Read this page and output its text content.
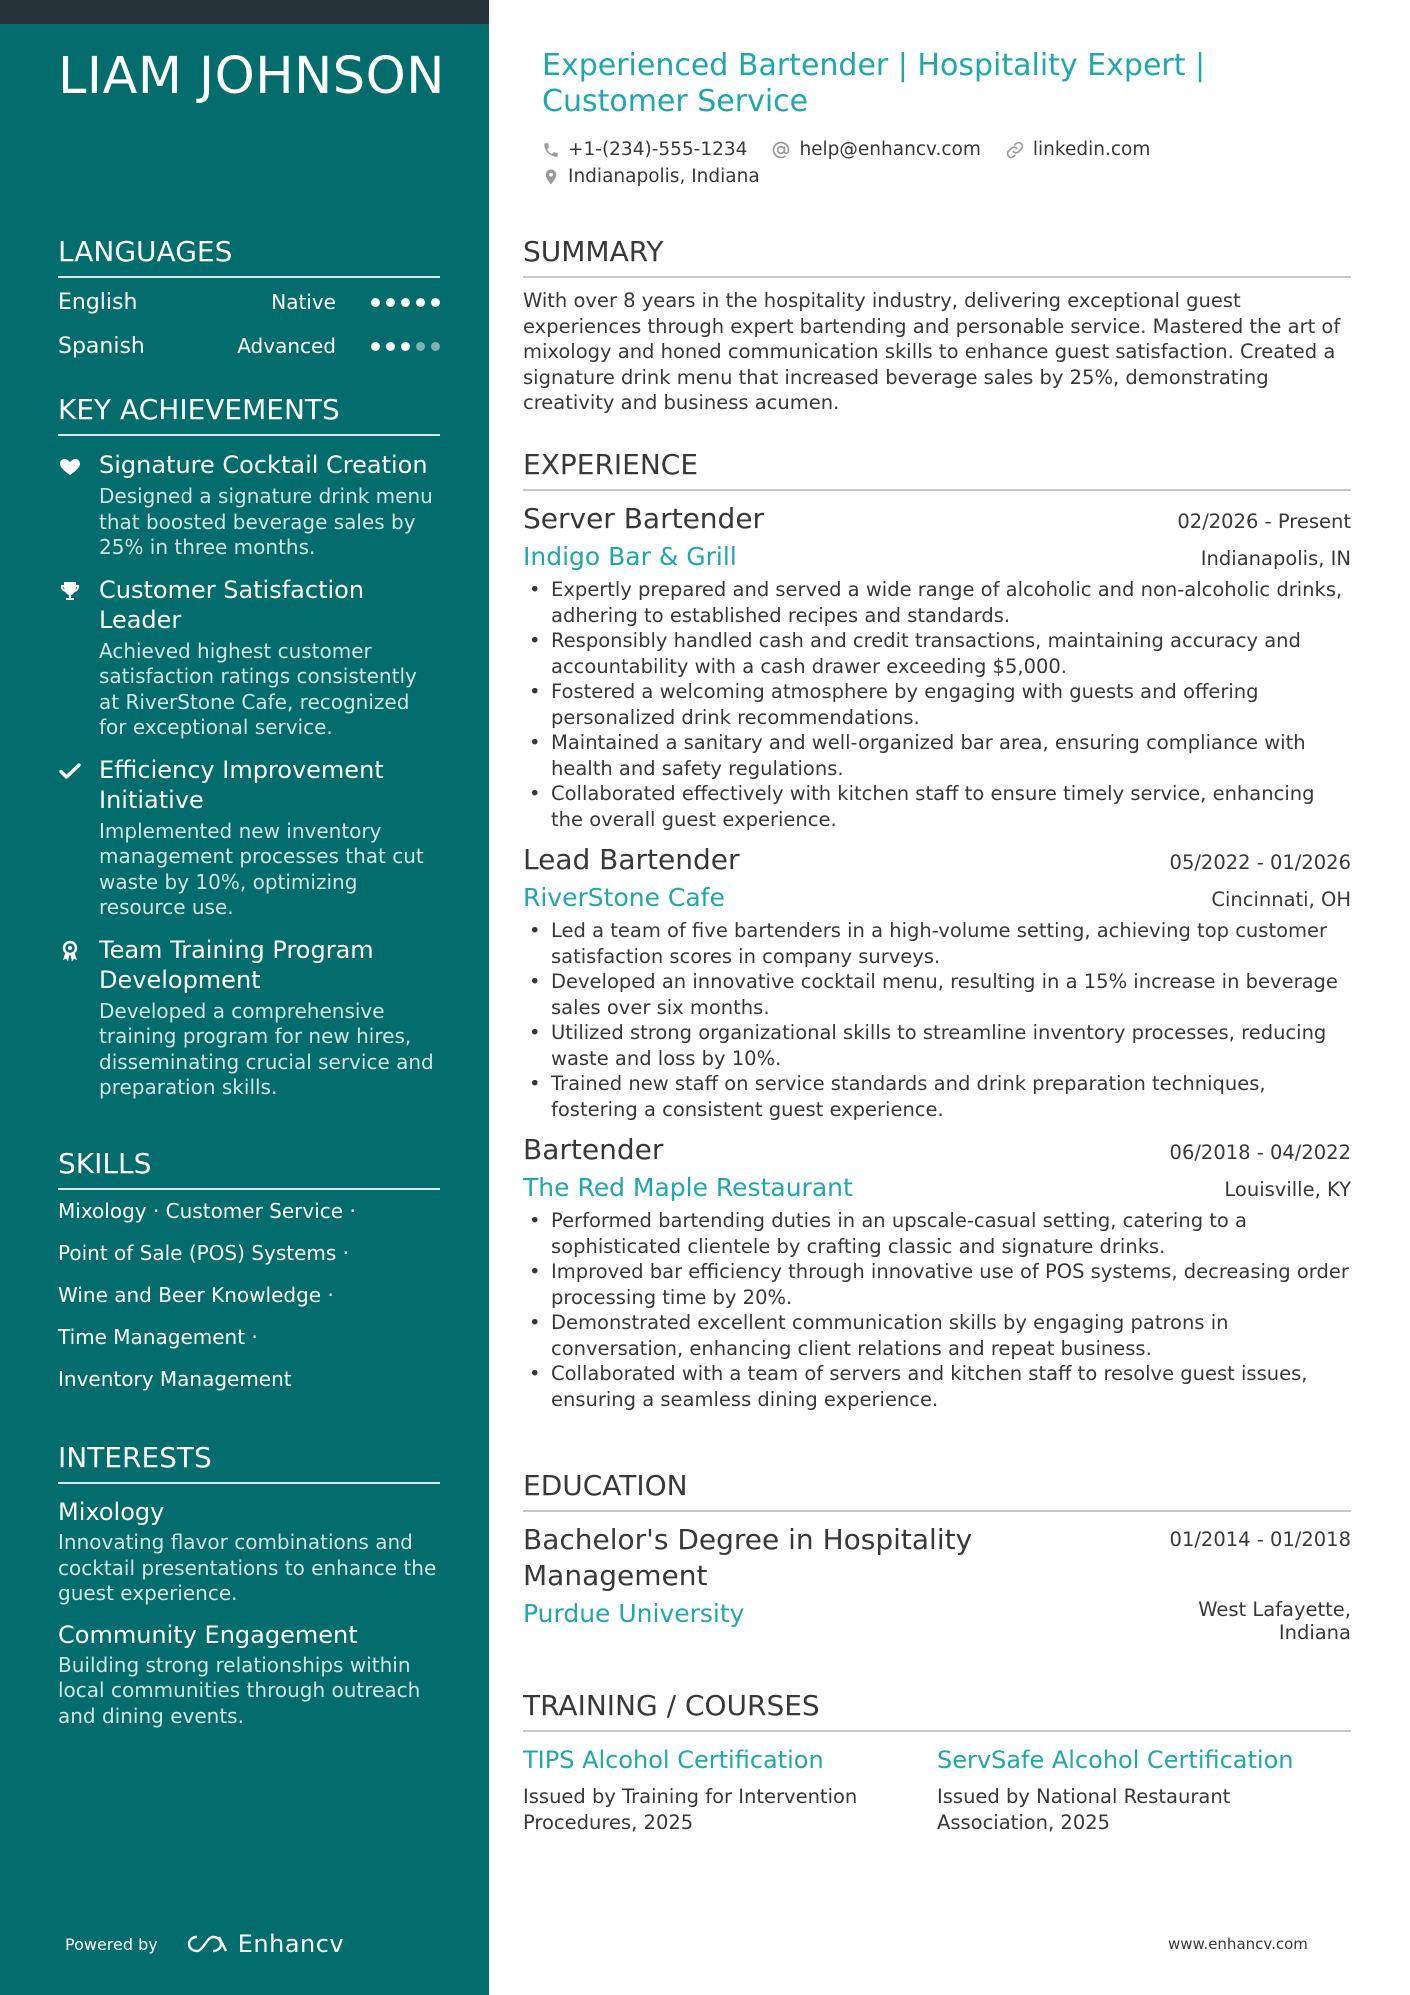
LIAM JOHNSON
LANGUAGES
English	Native
Spanish	Advanced
KEY ACHIEVEMENTS
Signature Cocktail Creation
Designed a signature drink menu that boosted beverage sales by 25% in three months.
Customer Satisfaction Leader
Achieved highest customer satisfaction ratings consistently at RiverStone Cafe, recognized for exceptional service.
Efficiency Improvement Initiative
Implemented new inventory management processes that cut waste by 10%, optimizing resource use.
Team Training Program Development
Developed a comprehensive training program for new hires, disseminating crucial service and preparation skills.
SKILLS
Mixology · Customer Service ·
Point of Sale (POS) Systems ·
Wine and Beer Knowledge ·
Time Management ·
Inventory Management
INTERESTS
Mixology
Innovating flavor combinations and cocktail presentations to enhance the guest experience.
Community Engagement
Building strong relationships within local communities through outreach and dining events.
Powered by	Enhancv
Experienced Bartender | Hospitality Expert | Customer Service
+1-(234)-555-1234	help@enhancv.com	linkedin.com
Indianapolis, Indiana
SUMMARY

With over 8 years in the hospitality industry, delivering exceptional guest experiences through expert bartending and personable service. Mastered the art of mixology and honed communication skills to enhance guest satisfaction. Created a signature drink menu that increased beverage sales by 25%, demonstrating creativity and business acumen.

EXPERIENCE
Server Bartender	02/2026 - Present
Indigo Bar & Grill	Indianapolis, IN
• Expertly prepared and served a wide range of alcoholic and non-alcoholic drinks, adhering to established recipes and standards.
• Responsibly handled cash and credit transactions, maintaining accuracy and accountability with a cash drawer exceeding $5,000.
• Fostered a welcoming atmosphere by engaging with guests and offering personalized drink recommendations.
• Maintained a sanitary and well-organized bar area, ensuring compliance with health and safety regulations.
• Collaborated effectively with kitchen staff to ensure timely service, enhancing the overall guest experience.
Lead Bartender	05/2022 - 01/2026
RiverStone Cafe	Cincinnati, OH
• Led a team of five bartenders in a high-volume setting, achieving top customer satisfaction scores in company surveys.
• Developed an innovative cocktail menu, resulting in a 15% increase in beverage sales over six months.
• Utilized strong organizational skills to streamline inventory processes, reducing waste and loss by 10%.
• Trained new staff on service standards and drink preparation techniques, fostering a consistent guest experience.
Bartender	06/2018 - 04/2022
The Red Maple Restaurant	Louisville, KY
• Performed bartending duties in an upscale-casual setting, catering to a sophisticated clientele by crafting classic and signature drinks.
• Improved bar efficiency through innovative use of POS systems, decreasing order processing time by 20%.
• Demonstrated excellent communication skills by engaging patrons in conversation, enhancing client relations and repeat business.
• Collaborated with a team of servers and kitchen staff to resolve guest issues, ensuring a seamless dining experience.
EDUCATION
Bachelor's Degree in Hospitality Management
01/2014 - 01/2018
Purdue University	West Lafayette,
Indiana
TRAINING / COURSES
TIPS Alcohol Certification
Issued by Training for Intervention Procedures, 2025
ServSafe Alcohol Certification
Issued by National Restaurant Association, 2025
www.enhancv.com
